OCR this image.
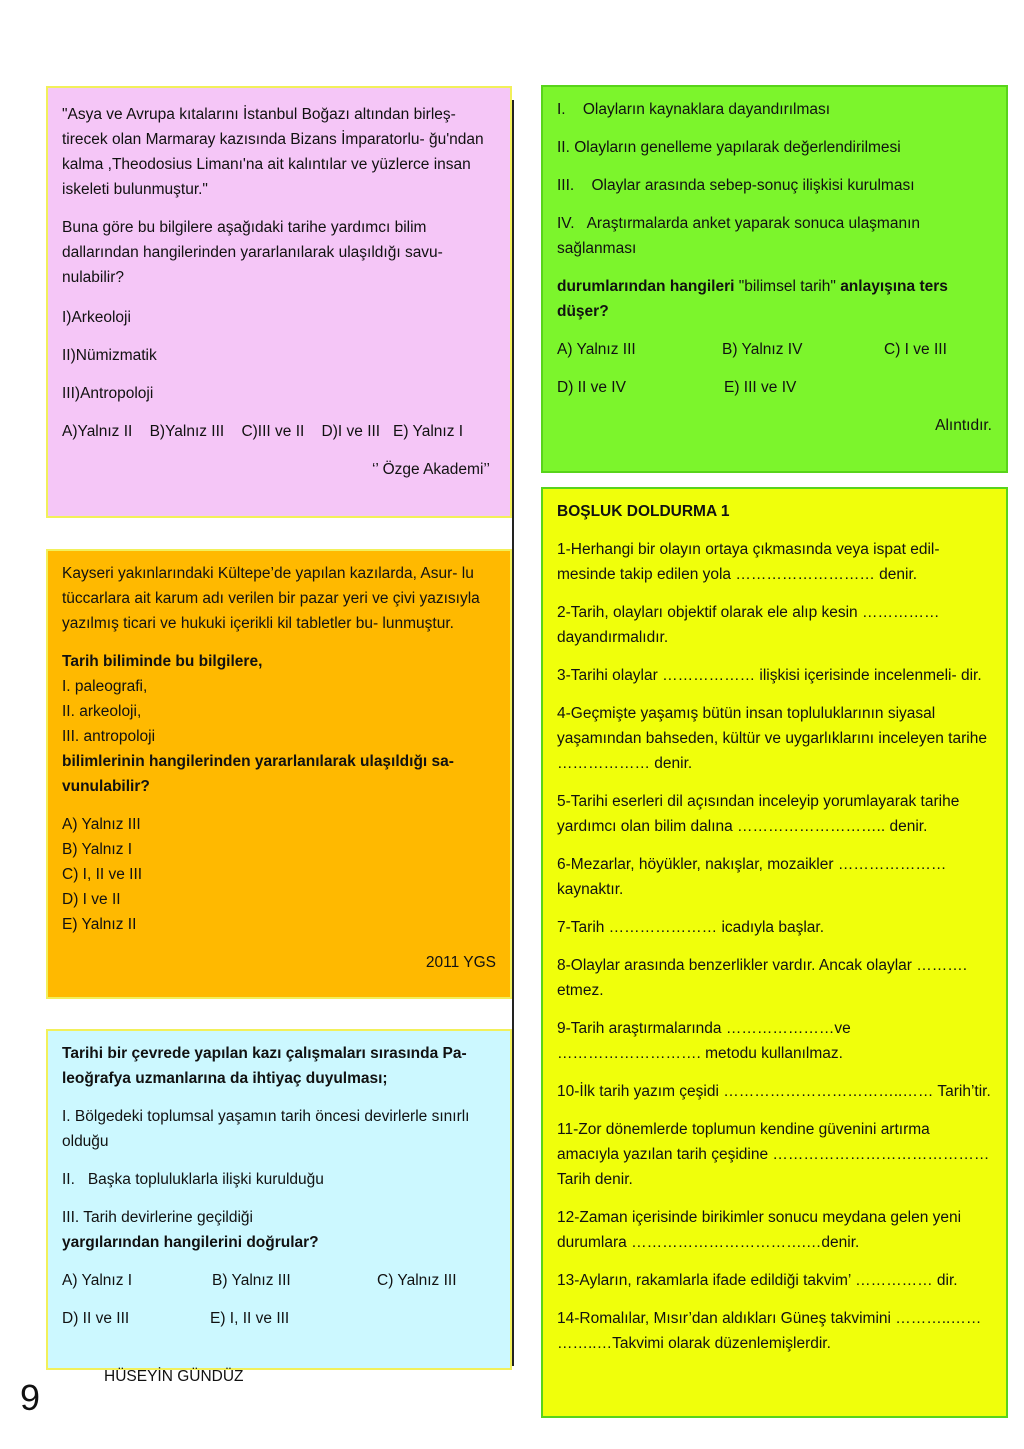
"Asya ve Avrupa kıtalarını İstanbul Boğazı altından birleş- tirecek olan Marmaray kazısında Bizans İmparatorlu- ğu'ndan kalma ,Theodosius Limanı'na ait kalıntılar ve yüzlerce insan iskeleti bulunmuştur."

Buna göre bu bilgilere aşağıdaki tarihe yardımcı bilim dallarından hangilerinden yararlanılarak ulaşıldığı savu- nulabilir?

I)Arkeoloji

II)Nümizmatik

III)Antropoloji

A)Yalnız II    B)Yalnız III    C)III ve II    D)I ve III   E) Yalnız I

‘’ Özge Akademi’’

Kayseri yakınlarındaki Kültepe’de yapılan kazılarda, Asur- lu tüccarlara ait karum adı verilen bir pazar yeri ve çivi yazısıyla yazılmış ticari ve hukuki içerikli kil tabletler bu- lunmuştur.

Tarih biliminde bu bilgilere,

I. paleografi,

II. arkeoloji,

III. antropoloji

bilimlerinin hangilerinden yararlanılarak ulaşıldığı sa- vunulabilir?

A) Yalnız III

B) Yalnız I

C) I, II ve III

D) I ve II

E) Yalnız II

2011 YGS

Tarihi bir çevrede yapılan kazı çalışmaları sırasında Pa- leoğrafya uzmanlarına da ihtiyaç duyulması;

I. Bölgedeki toplumsal yaşamın tarih öncesi devirlerle sınırlı olduğu

II.   Başka topluluklarla ilişki kurulduğu

III. Tarih devirlerine geçildiği

yargılarından hangilerini doğrular?

A) Yalnız I	B) Yalnız III	C) Yalnız III
D) II ve III	E) I, II ve III

I.    Olayların kaynaklara dayandırılması

II. Olayların genelleme yapılarak değerlendirilmesi

III.    Olaylar arasında sebep-sonuç ilişkisi kurulması

IV.   Araştırmalarda anket yaparak sonuca ulaşmanın sağlanması

durumlarından hangileri "bilimsel tarih" anlayışına ters düşer?

A) Yalnız III	B) Yalnız IV	C) I ve III
D) II ve IV	E) III ve IV

Alıntıdır.

BOŞLUK DOLDURMA 1

1-Herhangi bir olayın ortaya çıkmasında veya ispat edil- mesinde takip edilen yola ……………………… denir.

2-Tarih, olayları objektif olarak ele alıp kesin …………… dayandırmalıdır.

3-Tarihi olaylar ……………… ilişkisi içerisinde incelenmeli- dir.

4-Geçmişte yaşamış bütün insan topluluklarının siyasal yaşamından bahseden, kültür ve uygarlıklarını inceleyen tarihe ……………… denir.

5-Tarihi eserleri dil açısından inceleyip yorumlayarak tarihe yardımcı olan bilim dalına ……………………….. denir.

6-Mezarlar, höyükler, nakışlar, mozaikler ………………… kaynaktır.

7-Tarih ………………… icadıyla başlar.

8-Olaylar arasında benzerlikler vardır. Ancak olaylar ………. etmez.

9-Tarih araştırmalarında …………………ve ………………………. metodu kullanılmaz.

10-İlk tarih yazım çeşidi ……………………………..…… Tarih’tir.

11-Zor dönemlerde toplumun kendine güvenini artırma amacıyla yazılan tarih çeşidine …………………………………… Tarih denir.

12-Zaman içerisinde birikimler sonucu meydana gelen yeni durumlara …………………………….…denir.

13-Ayların, rakamlarla ifade edildiği takvim’ …………… dir.

14-Romalılar, Mısır’dan aldıkları Güneş takvimini ………..…… ……..…Takvimi olarak düzenlemişlerdir.

HÜSEYİN GÜNDÜZ
9
